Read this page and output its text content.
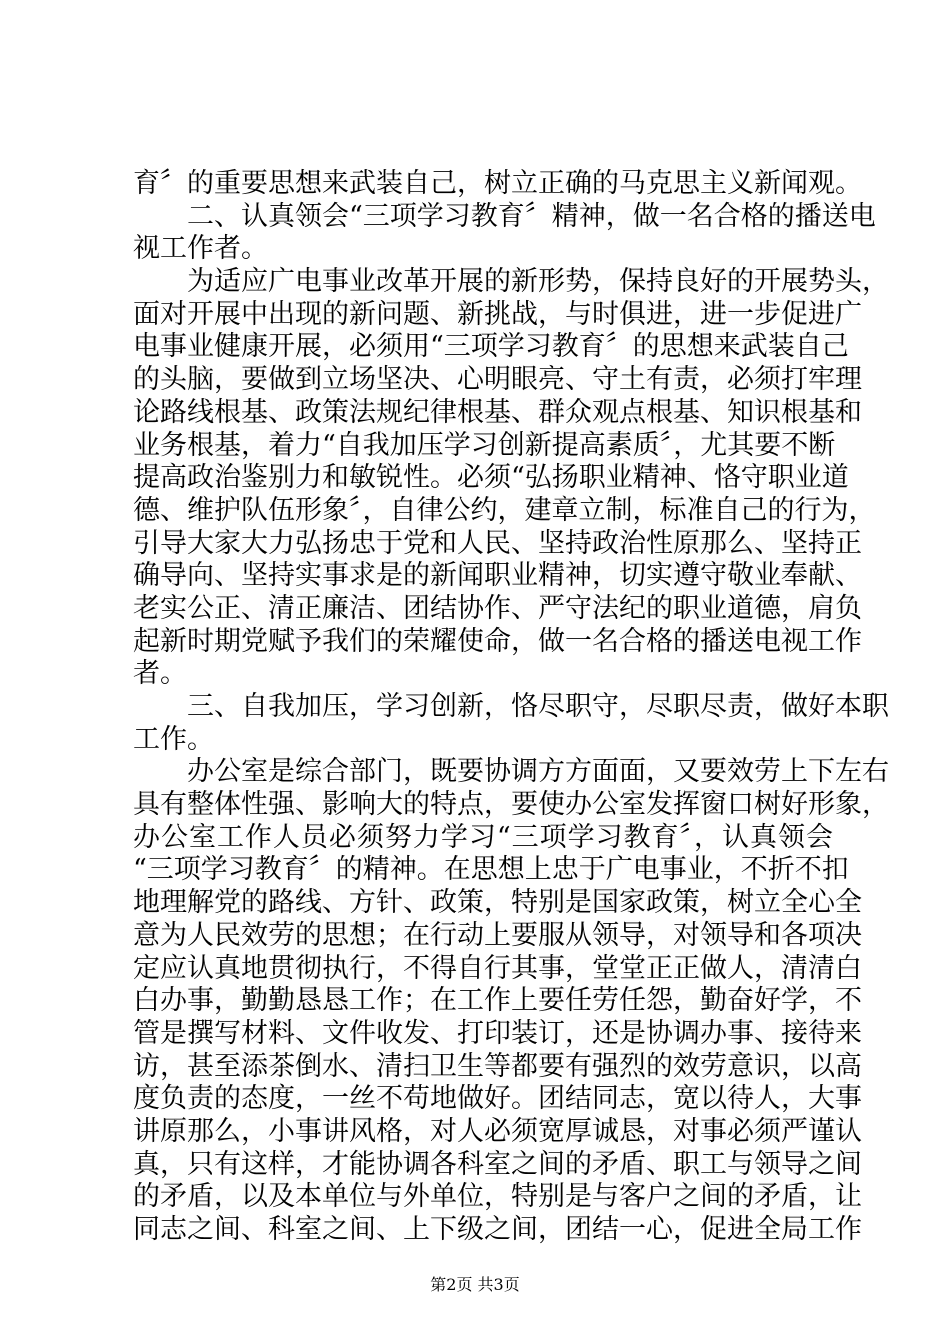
育〞的重要思想来武装自己，树立正确的马克思主义新闻观。
二、认真领会“三项学习教育〞精神，做一名合格的播送电
视工作者。
为适应广电事业改革开展的新形势，保持良好的开展势头，
面对开展中出现的新问题、新挑战，与时俱进，进一步促进广
电事业健康开展，必须用“三项学习教育〞的思想来武装自己
的头脑，要做到立场坚决、心明眼亮、守土有责，必须打牢理
论路线根基、政策法规纪律根基、群众观点根基、知识根基和
业务根基，着力“自我加压学习创新提高素质〞，尤其要不断
提高政治鉴别力和敏锐性。必须“弘扬职业精神、恪守职业道
德、维护队伍形象〞，自律公约，建章立制，标准自己的行为，
引导大家大力弘扬忠于党和人民、坚持政治性原那么、坚持正
确导向、坚持实事求是的新闻职业精神，切实遵守敬业奉献、
老实公正、清正廉洁、团结协作、严守法纪的职业道德，肩负
起新时期党赋予我们的荣耀使命，做一名合格的播送电视工作
者。
三、自我加压，学习创新，恪尽职守，尽职尽责，做好本职
工作。
办公室是综合部门，既要协调方方面面，又要效劳上下左右
具有整体性强、影响大的特点，要使办公室发挥窗口树好形象，
办公室工作人员必须努力学习“三项学习教育〞，认真领会
“三项学习教育〞的精神。在思想上忠于广电事业，不折不扣
地理解党的路线、方针、政策，特别是国家政策，树立全心全
意为人民效劳的思想；在行动上要服从领导，对领导和各项决
定应认真地贯彻执行，不得自行其事，堂堂正正做人，清清白
白办事，勤勤恳恳工作；在工作上要任劳任怨，勤奋好学，不
管是撰写材料、文件收发、打印装订，还是协调办事、接待来
访，甚至添茶倒水、清扫卫生等都要有强烈的效劳意识，以高
度负责的态度，一丝不苟地做好。团结同志，宽以待人，大事
讲原那么，小事讲风格，对人必须宽厚诚恳，对事必须严谨认
真，只有这样，才能协调各科室之间的矛盾、职工与领导之间
的矛盾，以及本单位与外单位，特别是与客户之间的矛盾，让
同志之间、科室之间、上下级之间，团结一心，促进全局工作
第2页 共3页
